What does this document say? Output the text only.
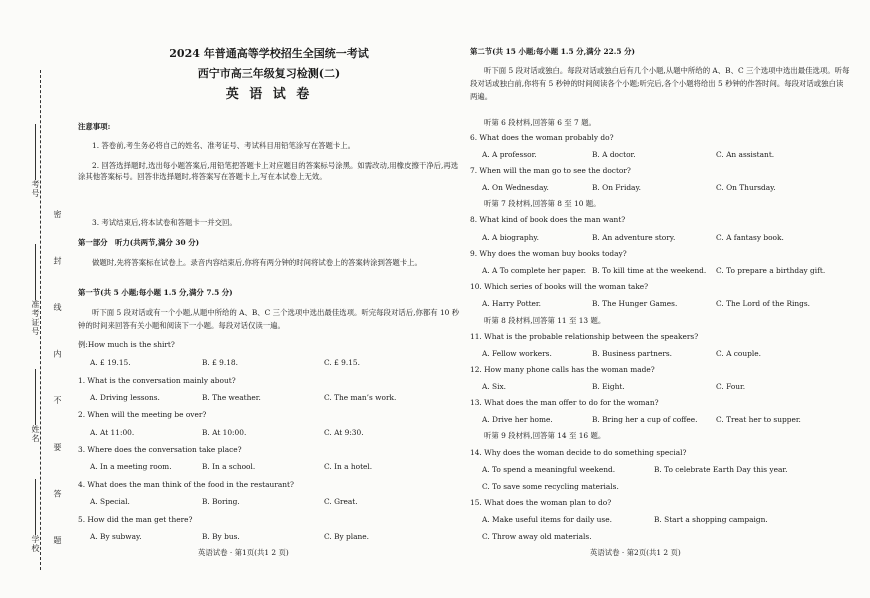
考号
准考证号
姓名
学校 密 封 线 内 不 要 答 题
2024 年普通高等学校招生全国统一考试
西宁市高三年级复习检测(二)
英 语 试 卷
注意事项:
1. 答卷前,考生务必将自己的姓名、准考证号、考试科目用铅笔涂写在答题卡上。
2. 回答选择题时,选出每小题答案后,用铅笔把答题卡上对应题目的答案标号涂黑。如需改动,用橡皮擦干净后,再选涂其他答案标号。回答非选择题时,将答案写在答题卡上,写在本试卷上无效。
3. 考试结束后,将本试卷和答题卡一并交回。
第一部分　听力(共两节,满分 30 分)
做题时,先将答案标在试卷上。录音内容结束后,你将有两分钟的时间将试卷上的答案转涂到答题卡上。
第一节(共 5 小题;每小题 1.5 分,满分 7.5 分)
听下面 5 段对话或有一个小题,从题中所给的 A、B、C 三个选项中选出最佳选项。听完每段对话后,你都有 10 秒钟的时间来回答有关小题和阅读下一小题。每段对话仅读一遍。
例:How much is the shirt?
A. £ 19.15.	B. £ 9.18.	C. £ 9.15.
1. What is the conversation mainly about?
A. Driving lessons.	B. The weather.	C. The man’s work.
2. When will the meeting be over?
A. At 11:00.	B. At 10:00.	C. At 9:30.
3. Where does the conversation take place?
A. In a meeting room.	B. In a school.	C. In a hotel.
4. What does the man think of the food in the restaurant?
A. Special.	B. Boring.	C. Great.
5. How did the man get there?
A. By subway.	B. By bus.	C. By plane.
英语试卷 · 第1页(共1 2 页)
第二节(共 15 小题;每小题 1.5 分,满分 22.5 分)
听下面 5 段对话或独白。每段对话或独白后有几个小题,从题中所给的 A、B、C 三个选项中选出最佳选项。听每段对话或独白前,你将有 5 秒钟的时间阅读各个小题;听完后,各个小题将给出 5 秒钟的作答时间。每段对话或独白读两遍。
听第 6 段材料,回答第 6 至 7 题。
6. What does the woman probably do?
A. A professor.	B. A doctor.	C. An assistant.
7. When will the man go to see the doctor?
A. On Wednesday.	B. On Friday.	C. On Thursday.
听第 7 段材料,回答第 8 至 10 题。
8. What kind of book does the man want?
A. A biography.	B. An adventure story.	C. A fantasy book.
9. Why does the woman buy books today?
A. A To complete her paper. B. To kill time at the weekend. C. To prepare a birthday gift.
10. Which series of books will the woman take?
A. Harry Potter.	B. The Hunger Games.	C. The Lord of the Rings.
听第 8 段材料,回答第 11 至 13 题。
11. What is the probable relationship between the speakers?
A. Fellow workers.	B. Business partners.	C. A couple.
12. How many phone calls has the woman made?
A. Six.	B. Eight.	C. Four.
13. What does the man offer to do for the woman?
A. Drive her home.	B. Bring her a cup of coffee. C. Treat her to supper.
听第 9 段材料,回答第 14 至 16 题。
14. Why does the woman decide to do something special?
A. To spend a meaningful weekend.	B. To celebrate Earth Day this year.
C. To save some recycling materials.
15. What does the woman plan to do?
A. Make useful items for daily use.	B. Start a shopping campaign.
C. Throw away old materials.
英语试卷 · 第2页(共1 2 页)
